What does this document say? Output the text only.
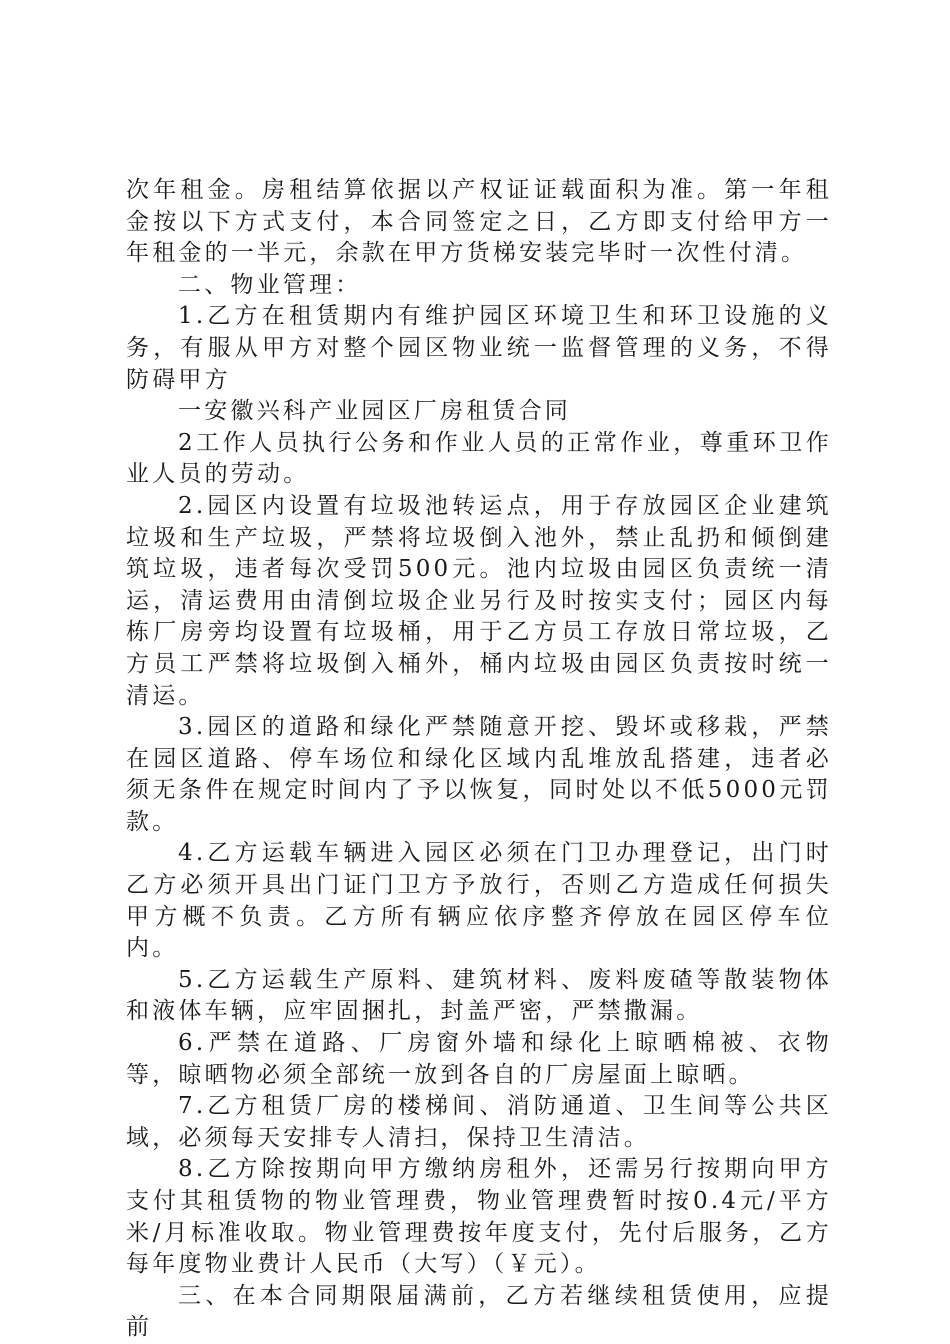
次年租金。房租结算依据以产权证证载面积为准。第一年租金按以下方式支付，本合同签定之日，乙方即支付给甲方一年租金的一半元，余款在甲方货梯安装完毕时一次性付清。

二、物业管理：

1.乙方在租赁期内有维护园区环境卫生和环卫设施的义务，有服从甲方对整个园区物业统一监督管理的义务，不得防碍甲方

一安徽兴科产业园区厂房租赁合同

2工作人员执行公务和作业人员的正常作业，尊重环卫作业人员的劳动。

2.园区内设置有垃圾池转运点，用于存放园区企业建筑垃圾和生产垃圾，严禁将垃圾倒入池外，禁止乱扔和倾倒建筑垃圾，违者每次受罚500元。池内垃圾由园区负责统一清运，清运费用由清倒垃圾企业另行及时按实支付；园区内每栋厂房旁均设置有垃圾桶，用于乙方员工存放日常垃圾，乙方员工严禁将垃圾倒入桶外，桶内垃圾由园区负责按时统一清运。

3.园区的道路和绿化严禁随意开挖、毁坏或移栽，严禁在园区道路、停车场位和绿化区域内乱堆放乱搭建，违者必须无条件在规定时间内了予以恢复，同时处以不低5000元罚款。

4.乙方运载车辆进入园区必须在门卫办理登记，出门时乙方必须开具出门证门卫方予放行，否则乙方造成任何损失甲方概不负责。乙方所有辆应依序整齐停放在园区停车位内。

5.乙方运载生产原料、建筑材料、废料废碴等散装物体和液体车辆，应牢固捆扎，封盖严密，严禁撒漏。

6.严禁在道路、厂房窗外墙和绿化上晾晒棉被、衣物等，晾晒物必须全部统一放到各自的厂房屋面上晾晒。

7.乙方租赁厂房的楼梯间、消防通道、卫生间等公共区域，必须每天安排专人清扫，保持卫生清洁。

8.乙方除按期向甲方缴纳房租外，还需另行按期向甲方支付其租赁物的物业管理费，物业管理费暂时按0.4元/平方米/月标准收取。物业管理费按年度支付，先付后服务，乙方每年度物业费计人民币（大写）（￥元）。

三、在本合同期限届满前，乙方若继续租赁使用，应提前
